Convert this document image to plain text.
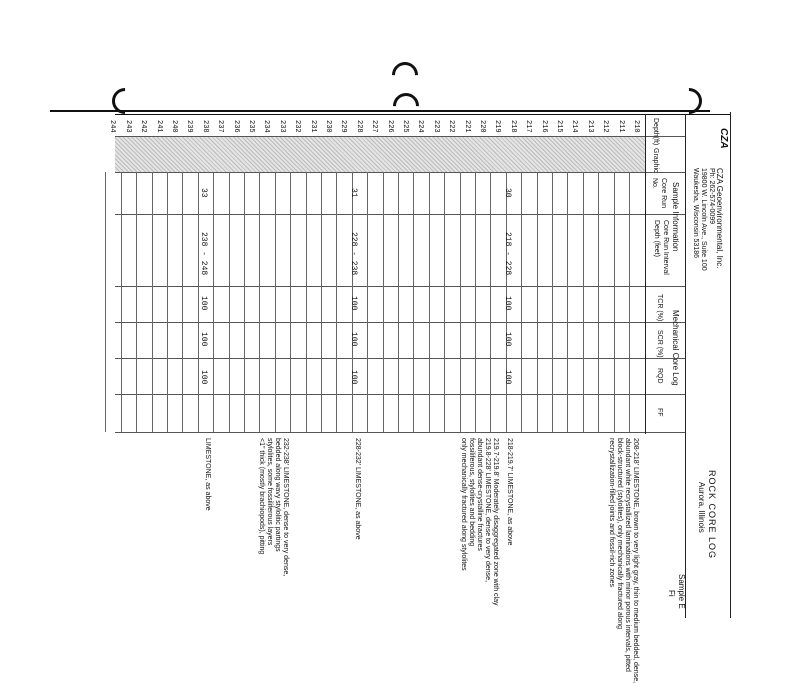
CZA Geoenvironmental, Inc.
Ph: 262-574-0099
19800 W. Lincoln Ave., Suite 100
Waukesha, Wisconsin 53186
CZA
ROCK CORE LOG
Aurora, Illinois
Sample E
Fi
Depth(ft)
Graphic
Sample Information
Core Run No.
Core Run Interval Depth (feet)
Mechanical Core Log
TCR (%)
SCR (%)
RQD
FF
210
211
212
213
214
215
216
217
218
219
220
221
222
223
224
225
226
227
228
229
230
231
232
233
234
235
236
237
238
239
240
241
242
243
244
30
218 - 228
100
100
100
31
228 - 238
100
100
100
33
238 - 248
100
100
100
208-218' LIMESTONE, brown to very light gray, thin to medium bedded, dense,
abundant white recrystallized laminations with minor porous intervals, pitted
block-structured (stylolites), only mechanically fractured along
recrystallization-filled joints and fossil-rich zones
218-219.7' LIMESTONE, as above
219.7-219.8' Moderately disaggregated zone with clay
219.8-228' LIMESTONE, dense to very dense,
abundant dense-crystalline fractures
fossiliferous, stylolites and bedding
only mechanically fractured along stylolites
228-232' LIMESTONE, as above
232-238' LIMESTONE, dense to very dense,
bedded along wavy stylolitic partings
stylolites, some fossiliferous layers
<1" thick (mostly brachiopods), pitting
LIMESTONE, as above
